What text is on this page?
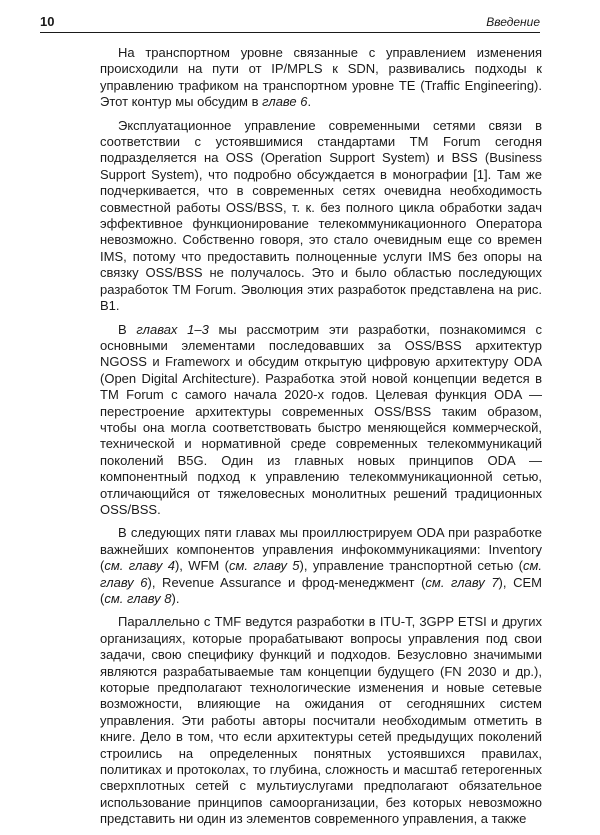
10	Введение

На транспортном уровне связанные с управлением изменения происходили на пути от IP/MPLS к SDN, развивались подходы к управлению трафиком на транспортном уровне TE (Traffic Engineering). Этот контур мы обсудим в главе 6.

Эксплуатационное управление современными сетями связи в соответствии с устоявшимися стандартами TM Forum сегодня подразделяется на OSS (Operation Support System) и BSS (Business Support System), что подробно обсуждается в монографии [1]. Там же подчеркивается, что в современных сетях очевидна необходимость совместной работы OSS/BSS, т. к. без полного цикла обработки задач эффективное функционирование телекоммуникационного Оператора невозможно. Собственно говоря, это стало очевидным еще со времен IMS, потому что предоставить полноценные услуги IMS без опоры на связку OSS/BSS не получалось. Это и было областью последующих разработок TM Forum. Эволюция этих разработок представлена на рис. В1.

В главах 1–3 мы рассмотрим эти разработки, познакомимся с основными элементами последовавших за OSS/BSS архитектур NGOSS и Frameworx и обсудим открытую цифровую архитектуру ODA (Open Digital Architecture). Разработка этой новой концепции ведется в TM Forum с самого начала 2020-х годов. Целевая функция ODA — перестроение архитектуры современных OSS/BSS таким образом, чтобы она могла соответствовать быстро меняющейся коммерческой, технической и нормативной среде современных телекоммуникаций поколений B5G. Один из главных новых принципов ODA — компонентный подход к управлению телекоммуникационной сетью, отличающийся от тяжеловесных монолитных решений традиционных OSS/BSS.

В следующих пяти главах мы проиллюстрируем ODA при разработке важнейших компонентов управления инфокоммуникациями: Inventory (см. главу 4), WFM (см. главу 5), управление транспортной сетью (см. главу 6), Revenue Assurance и фрод-менеджмент (см. главу 7), CEM (см. главу 8).

Параллельно с TMF ведутся разработки в ITU-T, 3GPP ETSI и других организациях, которые прорабатывают вопросы управления под свои задачи, свою специфику функций и подходов. Безусловно значимыми являются разрабатываемые там концепции будущего (FN 2030 и др.), которые предполагают технологические изменения и новые сетевые возможности, влияющие на ожидания от сегодняшних систем управления. Эти работы авторы посчитали необходимым отметить в книге. Дело в том, что если архитектуры сетей предыдущих поколений строились на определенных понятных устоявшихся правилах, политиках и протоколах, то глубина, сложность и масштаб гетерогенных сверхплотных сетей с мультиуслугами предполагают обязательное использование принципов самоорганизации, без которых невозможно представить ни один из элементов современного управления, а также
